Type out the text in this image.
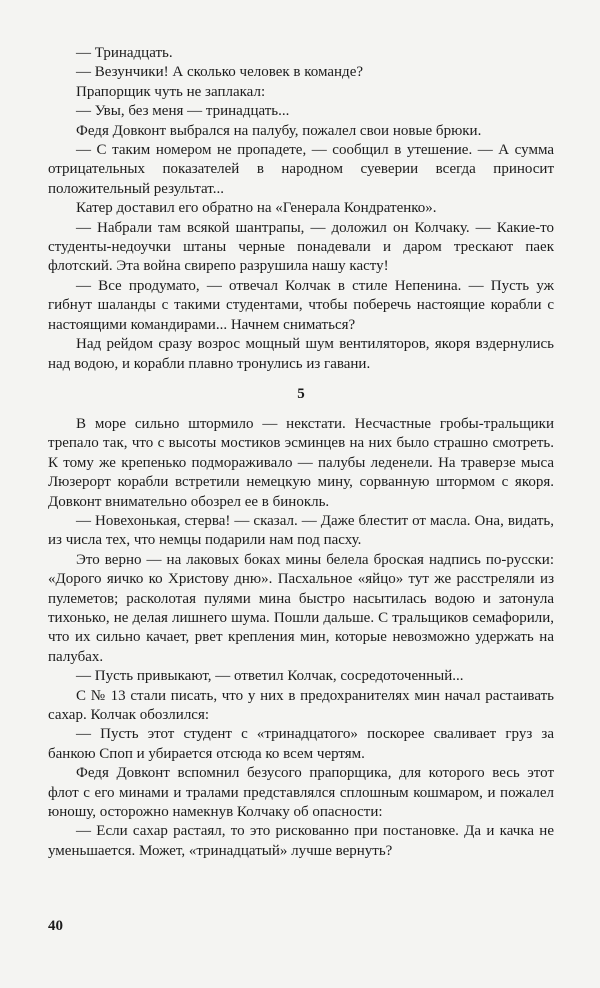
— Тринадцать.

— Везунчики! А сколько человек в команде?

Прапорщик чуть не заплакал:

— Увы, без меня — тринадцать...

Федя Довконт выбрался на палубу, пожалел свои новые брюки.

— С таким номером не пропадете, — сообщил в утешение. — А сумма отрицательных показателей в народном суеверии всегда приносит положительный результат...

Катер доставил его обратно на «Генерала Кондратенко».

— Набрали там всякой шантрапы, — доложил он Колчаку. — Какие-то студенты-недоучки штаны черные понадевали и даром трескают паек флотский. Эта война свирепо разрушила нашу касту!

— Все продумато, — отвечал Колчак в стиле Непенина. — Пусть уж гибнут шаланды с такими студентами, чтобы поберечь настоящие корабли с настоящими командирами... Начнем сниматься?

Над рейдом сразу возрос мощный шум вентиляторов, якоря вздернулись над водою, и корабли плавно тронулись из гавани.

5

В море сильно штормило — некстати. Несчастные гробы-тральщики трепало так, что с высоты мостиков эсминцев на них было страшно смотреть. К тому же крепенько подмораживало — палубы леденели. На траверзе мыса Люзерорт корабли встретили немецкую мину, сорванную штормом с якоря. Довконт внимательно обозрел ее в бинокль.

— Новехонькая, стерва! — сказал. — Даже блестит от масла. Она, видать, из числа тех, что немцы подарили нам под пасху.

Это верно — на лаковых боках мины белела броская надпись по-русски: «Дорого яичко ко Христову дню». Пасхальное «яйцо» тут же расстреляли из пулеметов; расколотая пулями мина быстро насытилась водою и затонула тихонько, не делая лишнего шума. Пошли дальше. С тральщиков семафорили, что их сильно качает, рвет крепления мин, которые невозможно удержать на палубах.

— Пусть привыкают, — ответил Колчак, сосредоточенный...

С № 13 стали писать, что у них в предохранителях мин начал растаивать сахар. Колчак обозлился:

— Пусть этот студент с «тринадцатого» поскорее сваливает груз за банкою Споп и убирается отсюда ко всем чертям.

Федя Довконт вспомнил безусого прапорщика, для которого весь этот флот с его минами и тралами представлялся сплошным кошмаром, и пожалел юношу, осторожно намекнув Колчаку об опасности:

— Если сахар растаял, то это рискованно при постановке. Да и качка не уменьшается. Может, «тринадцатый» лучше вернуть?

40
